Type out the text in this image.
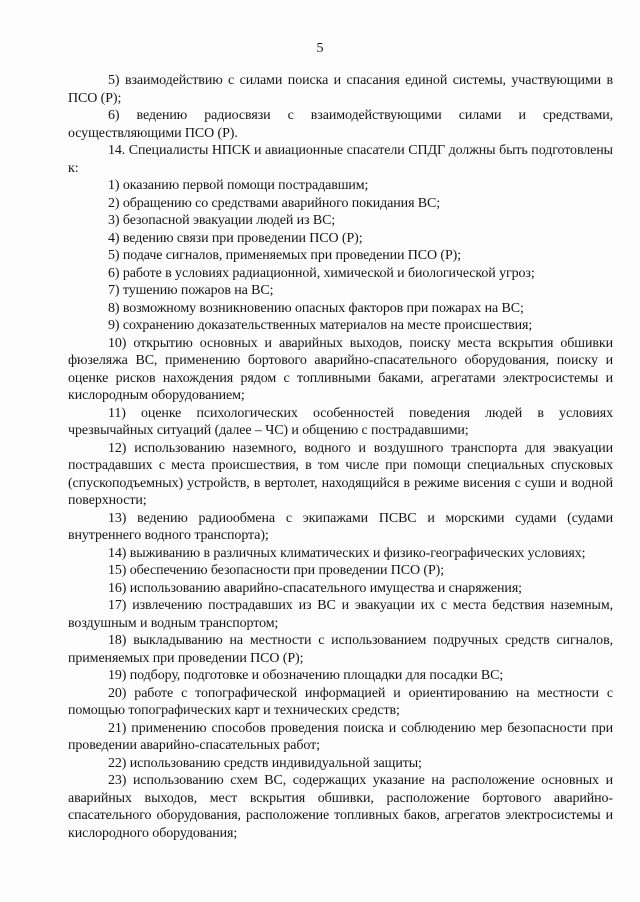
5

5) взаимодействию с силами поиска и спасания единой системы, участвующими в ПСО (Р);

6) ведению радиосвязи с взаимодействующими силами и средствами, осуществляющими ПСО (Р).

14. Специалисты НПСК и авиационные спасатели СПДГ должны быть подготовлены к:

1) оказанию первой помощи пострадавшим;

2) обращению со средствами аварийного покидания ВС;

3) безопасной эвакуации людей из ВС;

4) ведению связи при проведении ПСО (Р);

5) подаче сигналов, применяемых при проведении ПСО (Р);

6) работе в условиях радиационной, химической и биологической угроз;

7) тушению пожаров на ВС;

8) возможному возникновению опасных факторов при пожарах на ВС;

9) сохранению доказательственных материалов на месте происшествия;

10) открытию основных и аварийных выходов, поиску места вскрытия обшивки фюзеляжа ВС, применению бортового аварийно-спасательного оборудования, поиску и оценке рисков нахождения рядом с топливными баками, агрегатами электросистемы и кислородным оборудованием;

11) оценке психологических особенностей поведения людей в условиях чрезвычайных ситуаций (далее – ЧС) и общению с пострадавшими;

12) использованию наземного, водного и воздушного транспорта для эвакуации пострадавших с места происшествия, в том числе при помощи специальных спусковых (спускоподъемных) устройств, в вертолет, находящийся в режиме висения с суши и водной поверхности;

13) ведению радиообмена с экипажами ПСВС и морскими судами (судами внутреннего водного транспорта);

14) выживанию в различных климатических и физико-географических условиях;

15) обеспечению безопасности при проведении ПСО (Р);

16) использованию аварийно-спасательного имущества и снаряжения;

17) извлечению пострадавших из ВС и эвакуации их с места бедствия наземным, воздушным и водным транспортом;

18) выкладыванию на местности с использованием подручных средств сигналов, применяемых при проведении ПСО (Р);

19) подбору, подготовке и обозначению площадки для посадки ВС;

20) работе с топографической информацией и ориентированию на местности с помощью топографических карт и технических средств;

21) применению способов проведения поиска и соблюдению мер безопасности при проведении аварийно-спасательных работ;

22) использованию средств индивидуальной защиты;

23) использованию схем ВС, содержащих указание на расположение основных и аварийных выходов, мест вскрытия обшивки, расположение бортового аварийно-спасательного оборудования, расположение топливных баков, агрегатов электросистемы и кислородного оборудования;
